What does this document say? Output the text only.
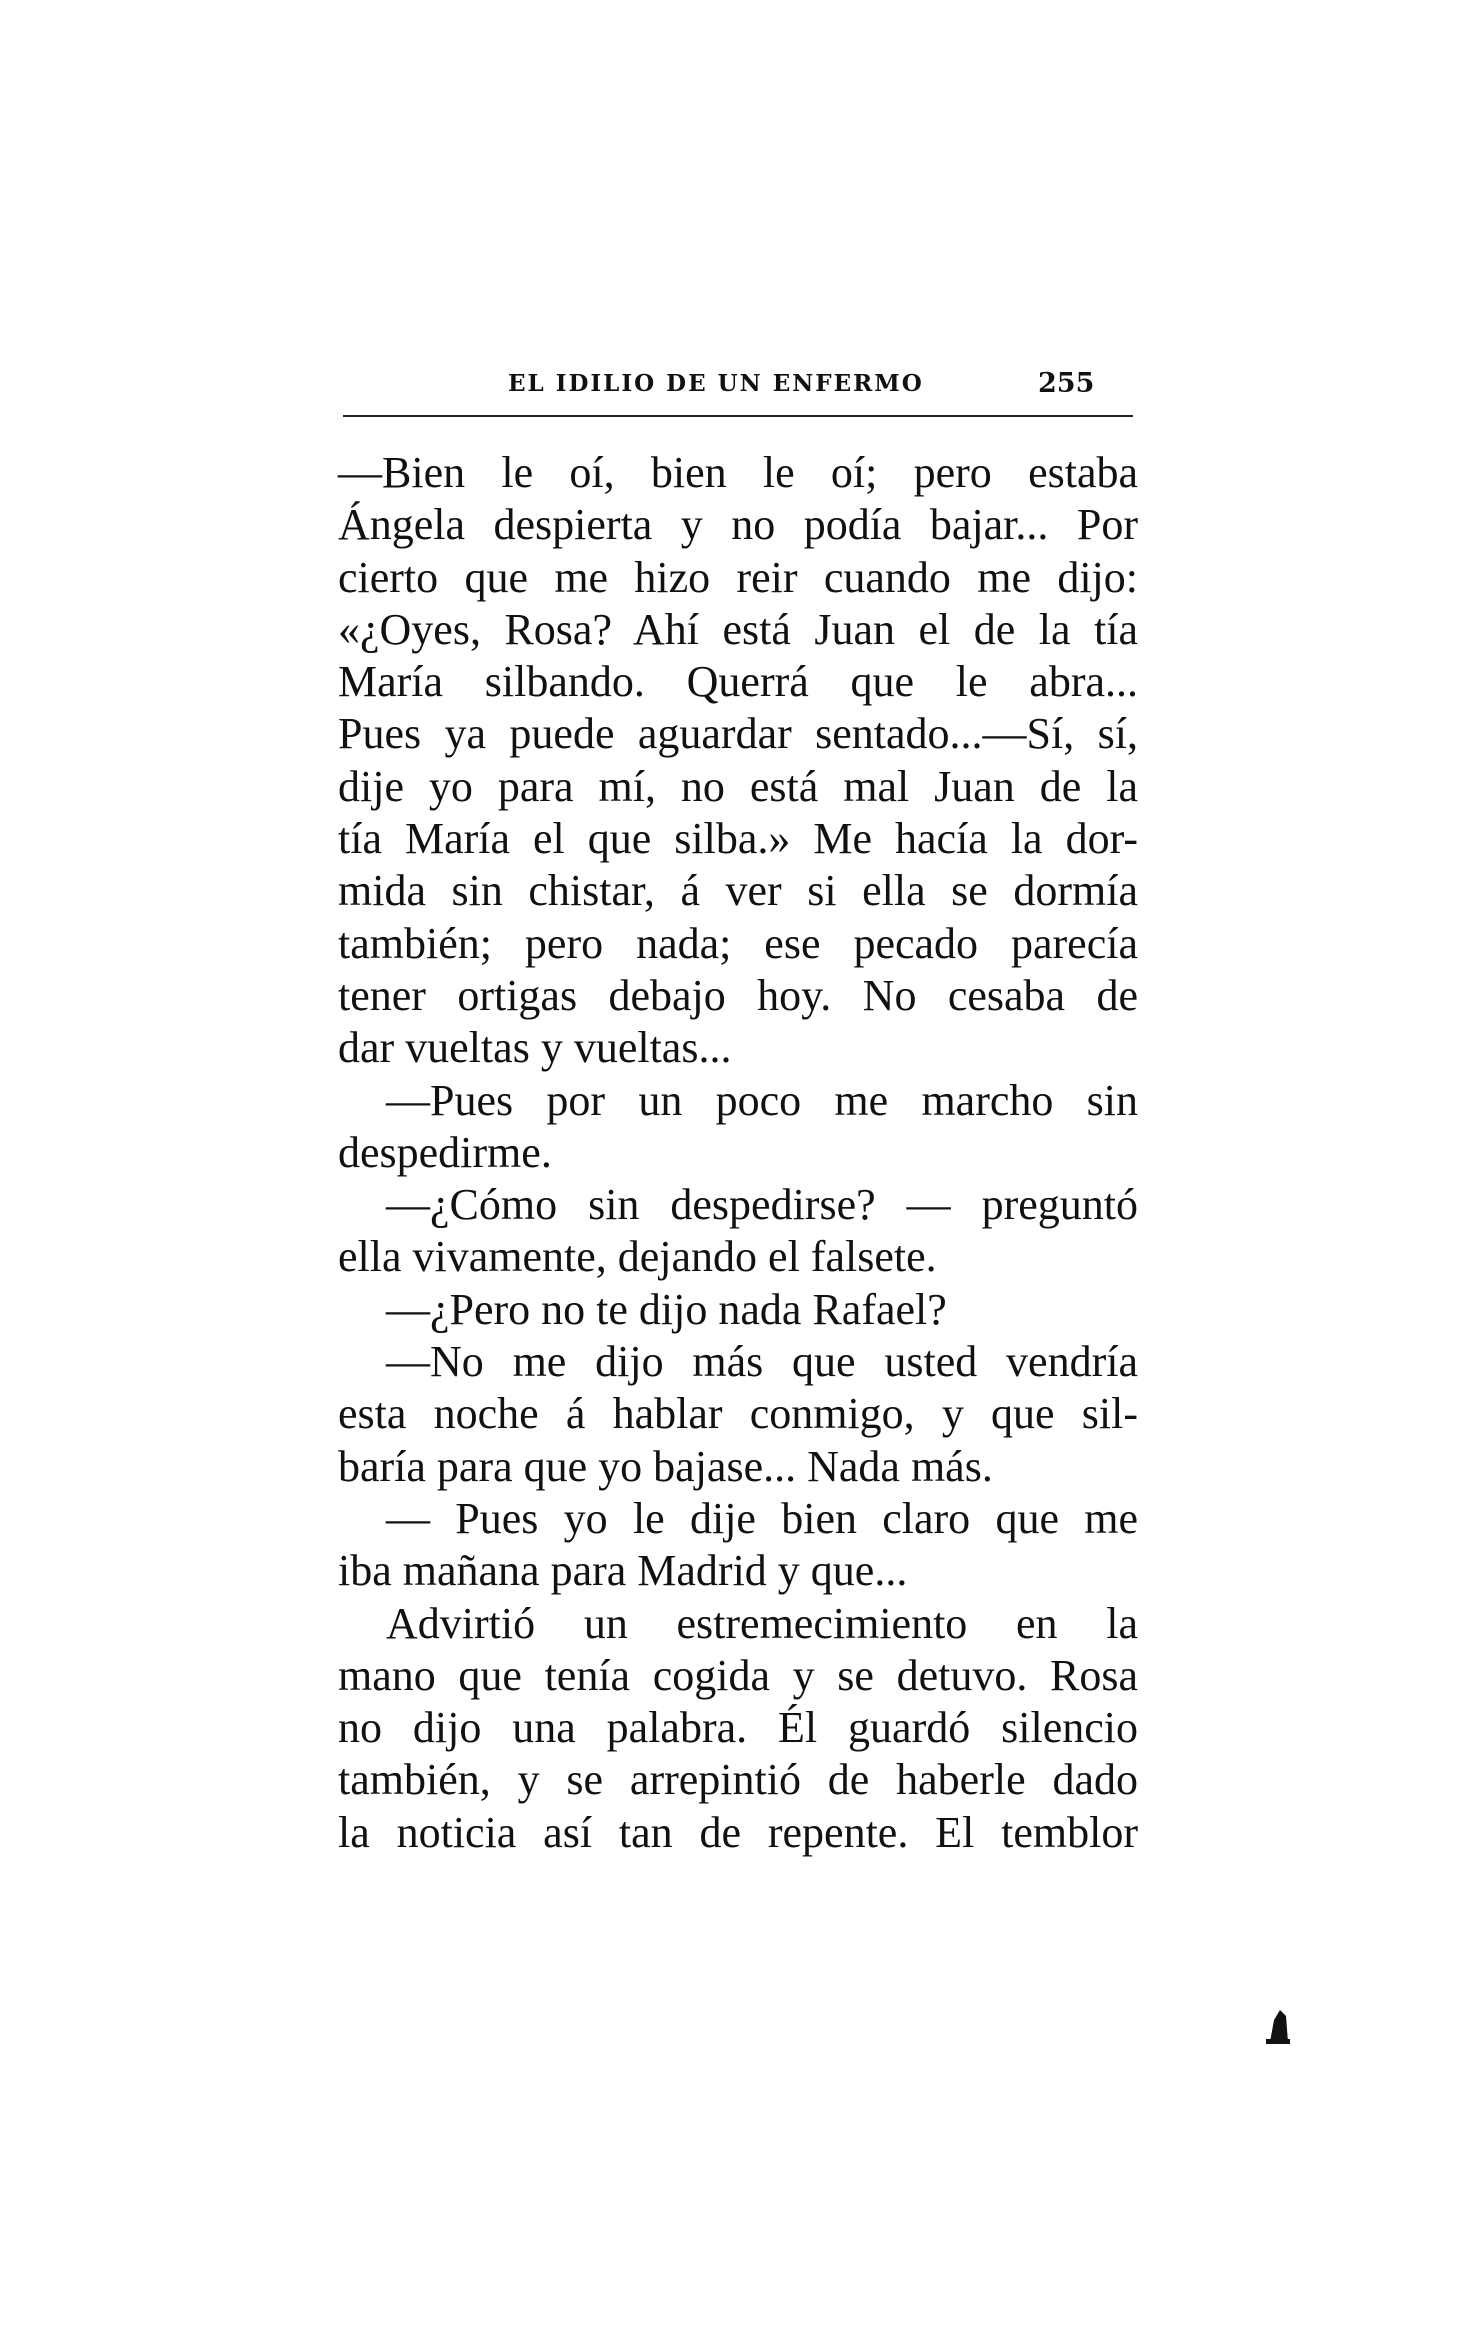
EL IDILIO DE UN ENFERMO	255
—Bien le oí, bien le oí; pero estaba
Ángela despierta y no podía bajar... Por
cierto que me hizo reir cuando me dijo:
«¿Oyes, Rosa? Ahí está Juan el de la tía
María silbando. Querrá que le abra...
Pues ya puede aguardar sentado...—Sí, sí,
dije yo para mí, no está mal Juan de la
tía María el que silba.» Me hacía la dor-
mida sin chistar, á ver si ella se dormía
también; pero nada; ese pecado parecía
tener ortigas debajo hoy. No cesaba de
dar vueltas y vueltas...
—Pues por un poco me marcho sin
despedirme.
—¿Cómo sin despedirse? — preguntó
ella vivamente, dejando el falsete.
—¿Pero no te dijo nada Rafael?
—No me dijo más que usted vendría
esta noche á hablar conmigo, y que sil-
baría para que yo bajase... Nada más.
— Pues yo le dije bien claro que me
iba mañana para Madrid y que...
Advirtió un estremecimiento en la
mano que tenía cogida y se detuvo. Rosa
no dijo una palabra. Él guardó silencio
también, y se arrepintió de haberle dado
la noticia así tan de repente. El temblor
